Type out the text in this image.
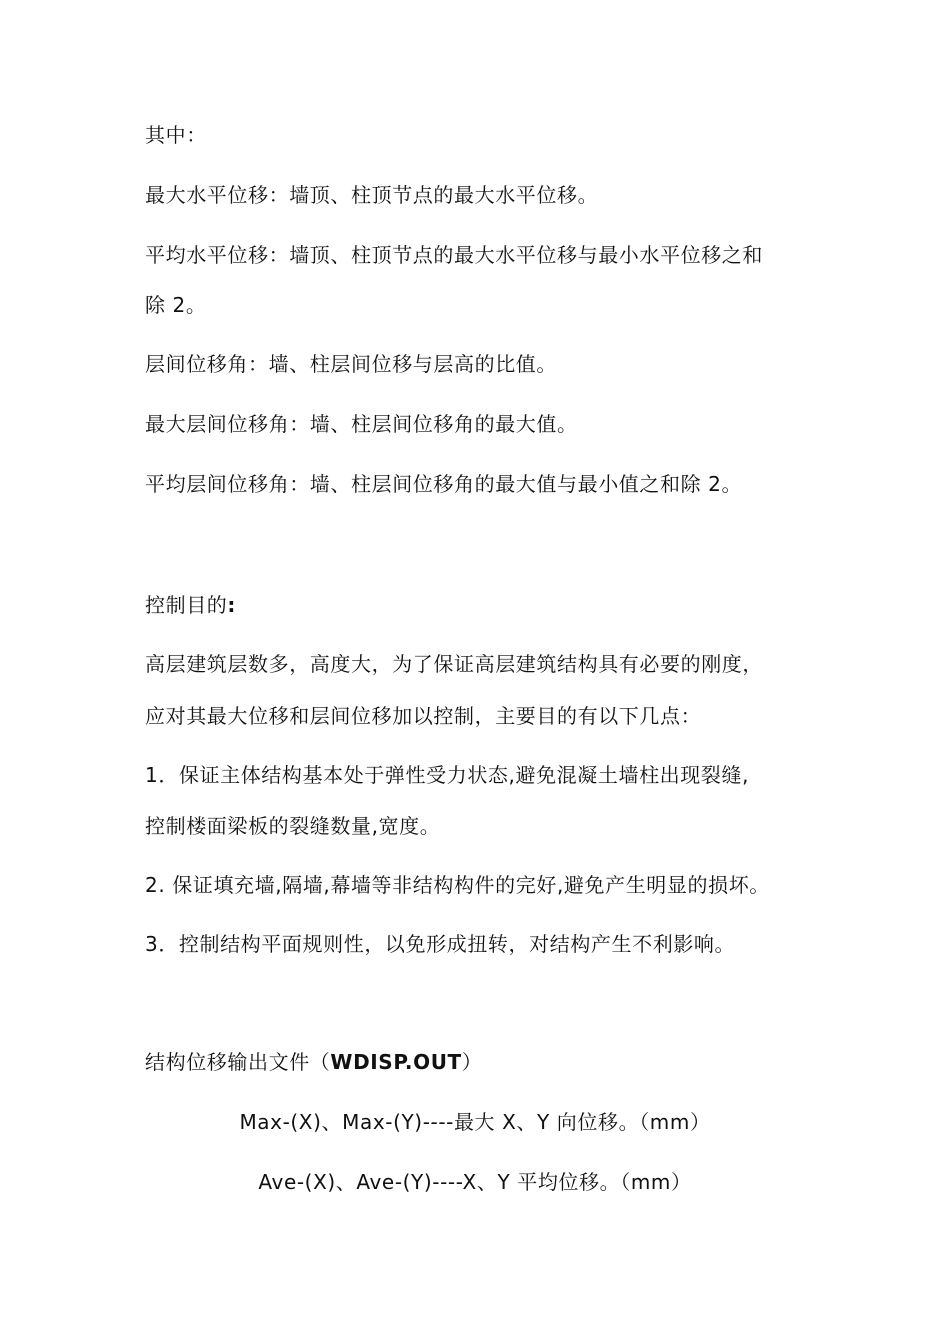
其中：
最大水平位移：墙顶、柱顶节点的最大水平位移。
平均水平位移：墙顶、柱顶节点的最大水平位移与最小水平位移之和
除 2。
层间位移角：墙、柱层间位移与层高的比值。
最大层间位移角：墙、柱层间位移角的最大值。
平均层间位移角：墙、柱层间位移角的最大值与最小值之和除 2。
控制目的:
高层建筑层数多，高度大，为了保证高层建筑结构具有必要的刚度，
应对其最大位移和层间位移加以控制，主要目的有以下几点：
1．保证主体结构基本处于弹性受力状态,避免混凝土墙柱出现裂缝,
控制楼面梁板的裂缝数量,宽度。
2. 保证填充墙,隔墙,幕墙等非结构构件的完好,避免产生明显的损坏。
3．控制结构平面规则性，以免形成扭转，对结构产生不利影响。
结构位移输出文件（WDISP.OUT）
Max-(X)、Max-(Y)----最大 X、Y 向位移。（mm）
Ave-(X)、Ave-(Y)----X、Y 平均位移。（mm）
